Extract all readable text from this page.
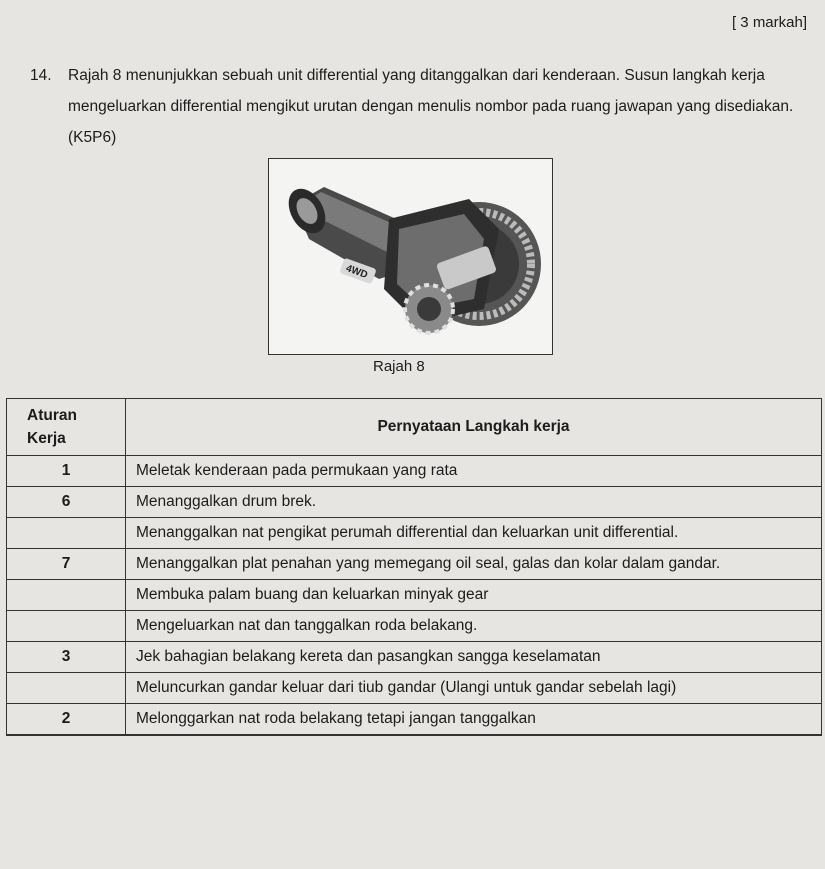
[ 3 markah]
14. Rajah 8 menunjukkan sebuah unit differential yang ditanggalkan dari kenderaan. Susun langkah kerja mengeluarkan differential mengikut urutan dengan menulis nombor pada ruang jawapan yang disediakan.(K5P6)
4WD
Rajah 8
Aturan Kerja	Pernyataan Langkah kerja
1	Meletak kenderaan pada permukaan yang rata
6	Menanggalkan drum brek.
	Menanggalkan nat pengikat perumah differential dan keluarkan unit differential.
7	Menanggalkan plat penahan yang memegang oil seal, galas dan kolar dalam gandar.
	Membuka palam buang dan keluarkan minyak gear
	Mengeluarkan nat dan tanggalkan roda belakang.
3	Jek bahagian belakang kereta dan pasangkan sangga keselamatan
	Meluncurkan gandar keluar dari tiub gandar (Ulangi untuk gandar sebelah lagi)
2	Melonggarkan nat roda belakang tetapi jangan tanggalkan
